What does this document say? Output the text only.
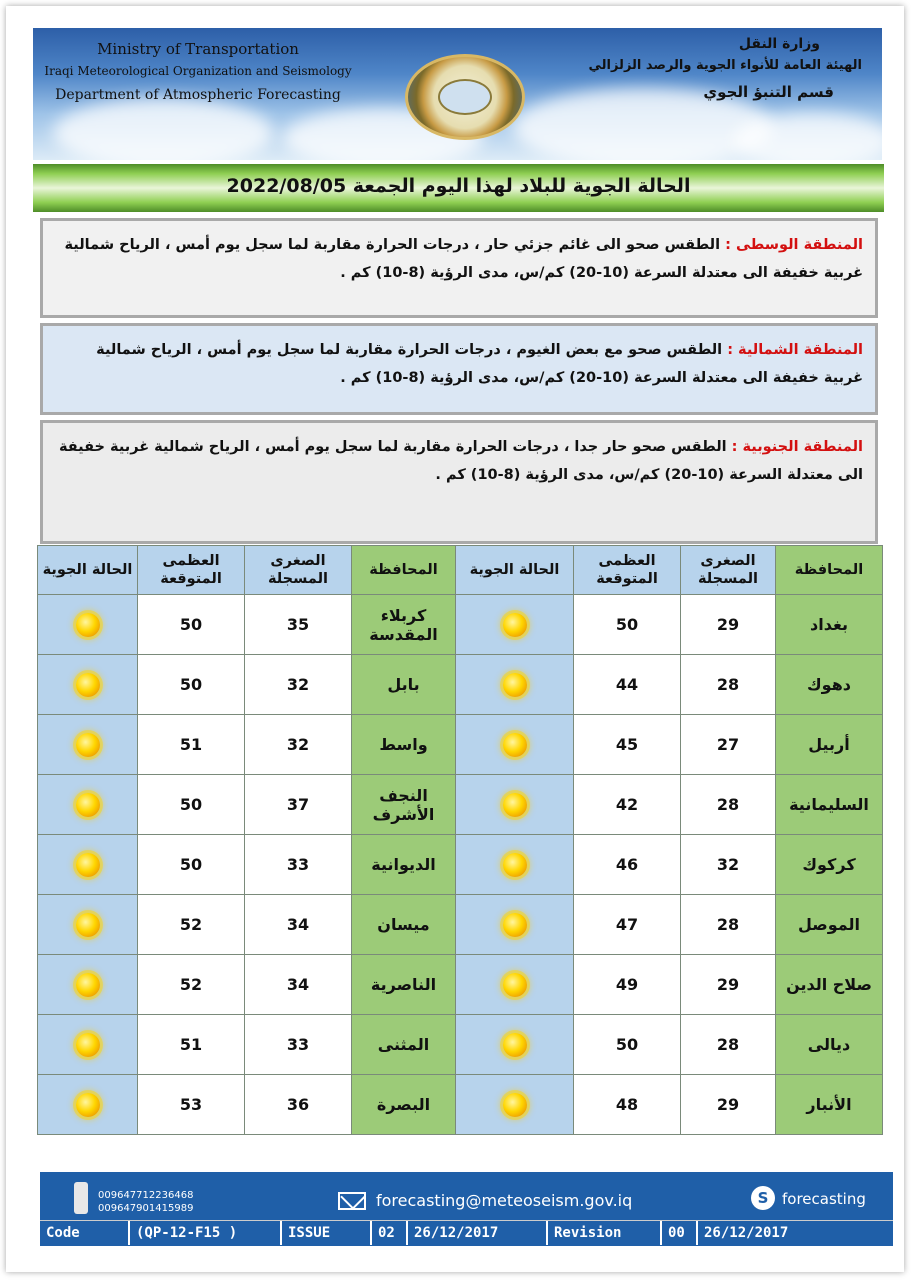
Ministry of Transportation
Iraqi Meteorological Organization and Seismology
Department of Atmospheric Forecasting
وزارة النقل
الهيئة العامة للأنواء الجوية والرصد الزلزالي
قسم التنبؤ الجوي
الحالة الجوية للبلاد لهذا اليوم الجمعة 2022/08/05
المنطقة الوسطى : الطقس صحو الى غائم جزئي حار ، درجات الحرارة مقاربة لما سجل يوم أمس ، الرياح شمالية غربية خفيفة الى معتدلة السرعة (10-20) كم/س، مدى الرؤية (8-10) كم .
المنطقة الشمالية : الطقس صحو مع بعض الغيوم ، درجات الحرارة مقاربة لما سجل يوم أمس ، الرياح شمالية غربية خفيفة الى معتدلة السرعة (10-20) كم/س، مدى الرؤية (8-10) كم .
المنطقة الجنوبية : الطقس صحو حار جدا ، درجات الحرارة مقاربة لما سجل يوم أمس ، الرياح شمالية غربية خفيفة الى معتدلة السرعة (10-20) كم/س، مدى الرؤية (8-10) كم .
المحافظة	الصغرى المسجلة	العظمى المتوقعة	الحالة الجوية	المحافظة	الصغرى المسجلة	العظمى المتوقعة	الحالة الجوية
بغداد	29	50		كربلاء المقدسة	35	50	
دهوك	28	44		بابل	32	50	
أربيل	27	45		واسط	32	51	
السليمانية	28	42		النجف الأشرف	37	50	
كركوك	32	46		الديوانية	33	50	
الموصل	28	47		ميسان	34	52	
صلاح الدين	29	49		الناصرية	34	52	
ديالى	28	50		المثنى	33	51	
الأنبار	29	48		البصرة	36	53	
009647712236468
009647901415989	forecasting@meteoseism.gov.iq	S forecasting
Code	(QP-12-F15 )	ISSUE	02	26/12/2017	Revision	00	26/12/2017
